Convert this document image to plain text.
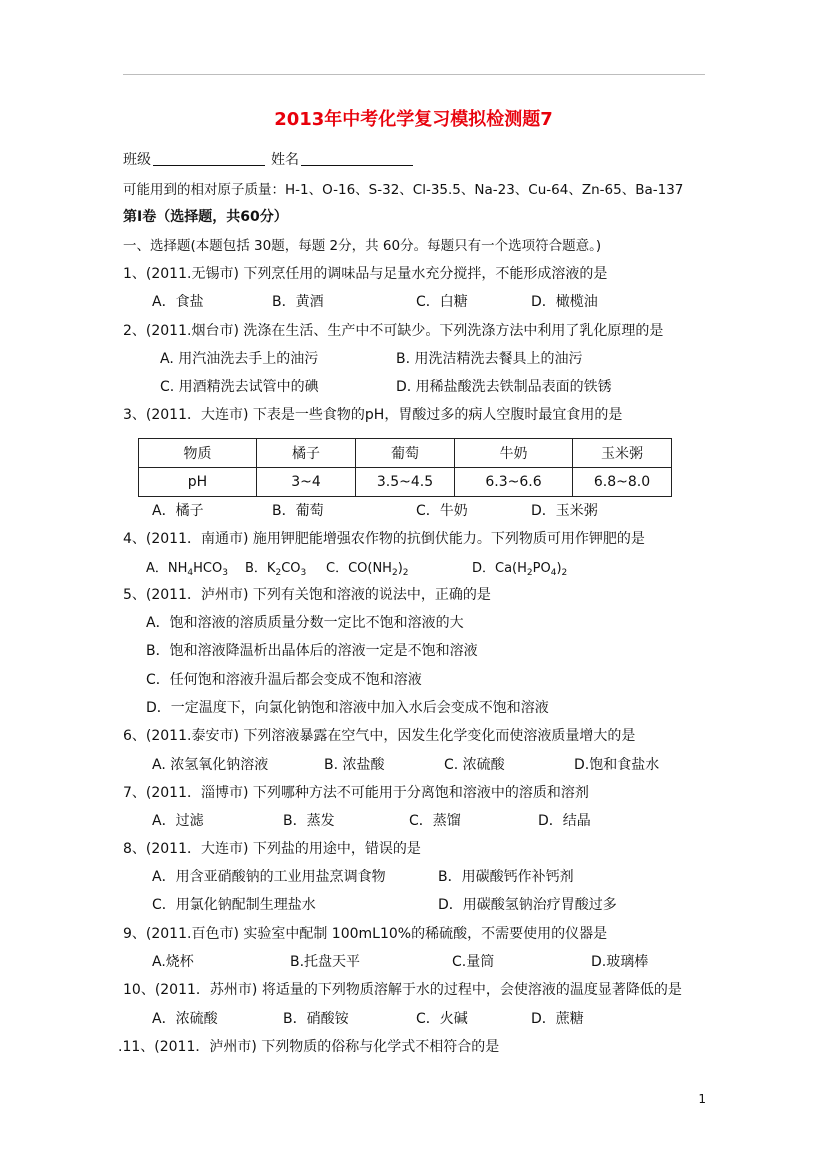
2013年中考化学复习模拟检测题7
班级	姓名
可能用到的相对原子质量：H-1、O-16、S-32、Cl-35.5、Na-23、Cu-64、Zn-65、Ba-137
第Ⅰ卷（选择题，共60分）
一、选择题(本题包括 30题，每题 2分，共 60分。每题只有一个选项符合题意。)
1、(2011.无锡市) 下列烹任用的调味品与足量水充分搅拌，不能形成溶液的是
A．食盐	B．黄酒	C．白糖	D．橄榄油
2、(2011.烟台市) 洗涤在生活、生产中不可缺少。下列洗涤方法中利用了乳化原理的是
A. 用汽油洗去手上的油污	B. 用洗洁精洗去餐具上的油污
C. 用酒精洗去试管中的碘	D. 用稀盐酸洗去铁制品表面的铁锈
3、(2011．大连市) 下表是一些食物的pH，胃酸过多的病人空腹时最宜食用的是
物质	橘子	葡萄	牛奶	玉米粥
pH	3~4	3.5~4.5	6.3~6.6	6.8~8.0
A．橘子	B．葡萄	C．牛奶	D．玉米粥
4、(2011．南通市) 施用钾肥能增强农作物的抗倒伏能力。下列物质可用作钾肥的是
A．$NH_4HCO_3$ B．$K_2CO_3$ C．$CO(NH_2)_2$	D．$Ca(H_2PO_4)_2$
5、(2011．泸州市) 下列有关饱和溶液的说法中，正确的是
A．饱和溶液的溶质质量分数一定比不饱和溶液的大
B．饱和溶液降温析出晶体后的溶液一定是不饱和溶液
C．任何饱和溶液升温后都会变成不饱和溶液
D．一定温度下，向氯化钠饱和溶液中加入水后会变成不饱和溶液
6、(2011.泰安市) 下列溶液暴露在空气中，因发生化学变化而使溶液质量增大的是
A. 浓氢氧化钠溶液	B. 浓盐酸	C. 浓硫酸	D.饱和食盐水
7、(2011．淄博市) 下列哪种方法不可能用于分离饱和溶液中的溶质和溶剂
A．过滤	B．蒸发	C．蒸馏	D．结晶
8、(2011．大连市) 下列盐的用途中，错误的是
A．用含亚硝酸钠的工业用盐烹调食物	B．用碳酸钙作补钙剂
C．用氯化钠配制生理盐水	D．用碳酸氢钠治疗胃酸过多
9、(2011.百色市) 实验室中配制 100mL10%的稀硫酸，不需要使用的仪器是
A.烧杯	B.托盘天平	C.量筒	D.玻璃棒
10、(2011．苏州市) 将适量的下列物质溶解于水的过程中，会使溶液的温度显著降低的是
A．浓硫酸	B．硝酸铵	C．火碱	D．蔗糖
.11、(2011．泸州市) 下列物质的俗称与化学式不相符合的是
1
